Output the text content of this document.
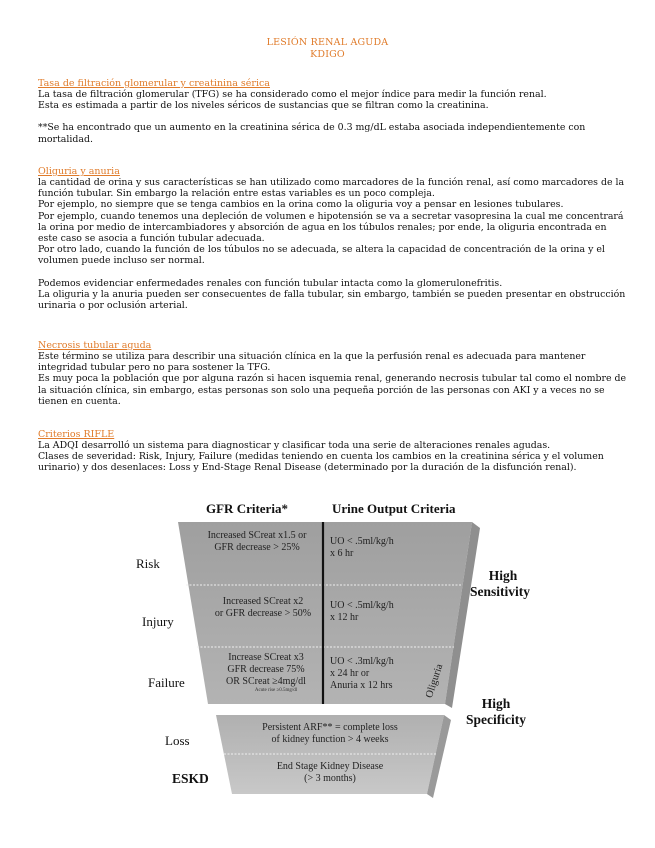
LESIÓN RENAL AGUDA
KDIGO

Tasa de filtración glomerular y creatinina sérica

La tasa de filtración glomerular (TFG) se ha considerado como el mejor índice para medir la función renal.

Esta es estimada a partir de los niveles séricos de sustancias que se filtran como la creatinina.

**Se ha encontrado que un aumento en la creatinina sérica de 0.3 mg/dL estaba asociada independientemente con mortalidad.

Oliguria y anuria

la cantidad de orina y sus características se han utilizado como marcadores de la función renal, así como marcadores de la función tubular. Sin embargo la relación entre estas variables es un poco compleja.

Por ejemplo, no siempre que se tenga cambios en la orina como la oliguria voy a pensar en lesiones tubulares.

Por ejemplo, cuando tenemos una depleción de volumen e hipotensión se va a secretar vasopresina la cual me concentrará la orina por medio de intercambiadores y absorción de agua en los túbulos renales; por ende, la oliguria encontrada en este caso se asocia a función tubular adecuada.

Por otro lado, cuando la función de los túbulos no se adecuada, se altera la capacidad de concentración de la orina y el volumen puede incluso ser normal.

Podemos evidenciar enfermedades renales con función tubular intacta como la glomerulonefritis.

La oliguria y la anuria pueden ser consecuentes de falla tubular, sin embargo, también se pueden presentar en obstrucción urinaria o por oclusión arterial.

Necrosis tubular aguda

Este término se utiliza para describir una situación clínica en la que la perfusión renal es adecuada para mantener integridad tubular pero no para sostener la TFG.

Es muy poca la población que por alguna razón si hacen isquemia renal, generando necrosis tubular tal como el nombre de la situación clínica, sin embargo, estas personas son solo una pequeña porción de las personas con AKI y a veces no se tienen en cuenta.

Criterios RIFLE

La ADQI desarrolló un sistema para diagnosticar y clasificar toda una serie de alteraciones renales agudas.

Clases de severidad: Risk, Injury, Failure (medidas teniendo en cuenta los cambios en la creatinina sérica y el volumen urinario) y dos desenlaces: Loss y End-Stage Renal Disease (determinado por la duración de la disfunción renal).

GFR Criteria*	Urine Output Criteria
Risk
Injury
Failure
Loss
ESKD
High
Sensitivity
High
Specificity
Increased SCreat x1.5 or
GFR decrease > 25%
Increased SCreat x2
or GFR decrease > 50%
Increase SCreat x3
GFR decrease 75%
OR SCreat ≥4mg/dl
Acute rise ≥0.5mg/dl
UO < .5ml/kg/h
x 6 hr
UO < .5ml/kg/h
x 12 hr
UO < .3ml/kg/h
x 24 hr or
Anuria x 12 hrs	Oliguria
Persistent ARF** = complete loss
of kidney function > 4 weeks
End Stage Kidney Disease
(> 3 months)
